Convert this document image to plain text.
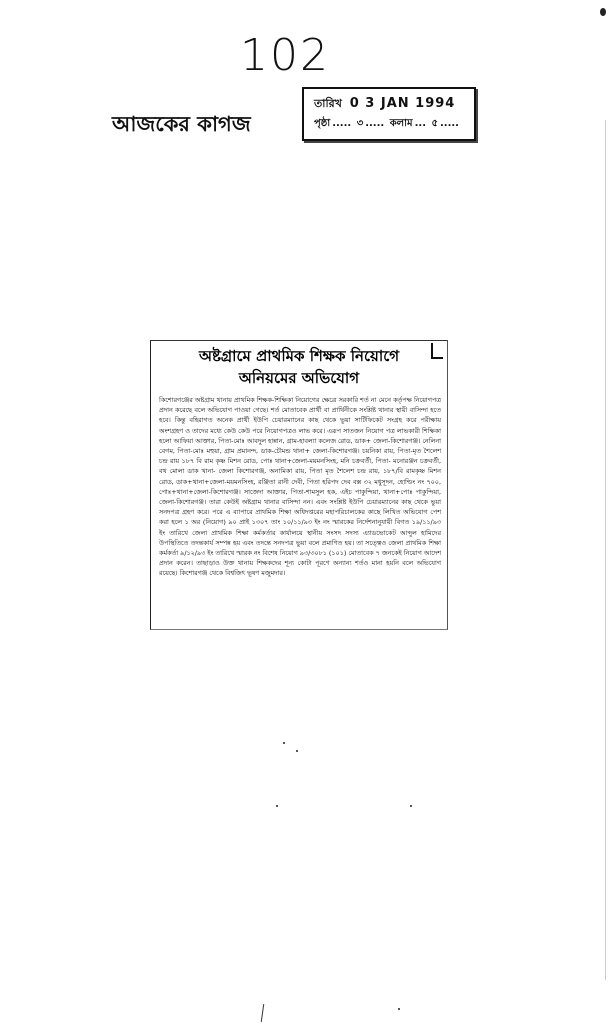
102
আজকের কাগজ
তারিখ 0 3 JAN 1994
পৃষ্ঠা ..... ৩ ..... কলাম ... ৫ .....
অষ্টগ্রামে প্রাথমিক শিক্ষক নিয়োগে
অনিয়মের অভিযোগ
কিশোরগঞ্জের অষ্টগ্রাম থানায় প্রাথমিক শিক্ষক-শিক্ষিকা নিয়োগের ক্ষেত্রে সরকারি শর্ত না মেনে কর্তৃপক্ষ নিয়োগপত্র প্রদান করেছে বলে অভিযোগ পাওয়া গেছে। শর্ত মোতাবেক প্রার্থী বা প্রার্থিনীকে সংশ্লিষ্ট থানার স্থায়ী বাসিন্দা হতে হবে। কিন্তু বহিরাগত অনেক প্রার্থী ইউপি চেয়ারম্যানের কাছ থেকে ভুয়া সার্টিফিকেট সংগ্রহ করে পরীক্ষায় অংশগ্রহণ ও তাদের মধ্যে কেউ কেউ পরে নিয়োগপত্রও লাভ করে। এরূপ সাতজন নিয়োগ পত্র লাভকারী শিক্ষিকা হলো আফিয়া আক্তার, পিতা-মোঃ আবদুল হান্নান, গ্রাম-হাবল্যা কলেজ রোড, ডাক+ জেলা-কিশোরগঞ্জ। নেলিনা বেগম, পিতা-মোঃ মহুয়া, গ্রাম প্রমানন্দ, ডাক-চৌমন্ড থানা+ জেলা-কিশোরগঞ্জ। চয়নিকা রায়, পিতা-মৃত শৈলেশ চন্দ্র রায় ১৮৭ বি রাম কৃষ্ণ মিশন রোড, পোঃ থানা+জেলা-ময়মনসিংহ, মনি চক্রবর্তী, পিতা- মনোরঞ্জন চক্রবর্তী, বথ মোলা ডাক খানা- জেলা কিশোরগঞ্জ, অনামিকা রায়, পিতা মৃত শৈলেশ চন্দ্র রায়, ১৮৭/বি রামকৃষ্ণ মিশন রোড, ডাক+থানা+জেলা-ময়মনসিংহ, রঞ্জিতা রানী দেবী, পিতা হরিপদ দেব বক্স ৩২ মধুসূদন, হোল্ডিং নং ৭০০, পোঃ+থানা+জেলা-কিশোরগঞ্জ। সাজেদা আক্তার, পিতা-শামসুল হক, এইচ পাকুন্দিয়া, থানা+পোঃ পাকুন্দিয়া, জেলা-কিশোরগঞ্জ। তারা কেউই অষ্টগ্রাম থানার বাসিন্দা নন। এবং সংশ্লিষ্ট ইউপি চেয়ারম্যানের কাছ থেকে ভুয়া সনদপত্র গ্রহণ করে। পরে এ ব্যাপারে প্রাথমিক শিক্ষা অধিদপ্তরের মহাপরিচালকের কাছে লিখিত অভিযোগ পেশ করা হলে ১ অর (নিয়োগ) ৯০ প্রাই ১৩০৭ তাং ১০/১১/৯৩ ইং নং স্মারকের নির্দেশনানুযায়ী বিগত ১৯/১১/৯৩ ইং তারিখে জেলা প্রাথমিক শিক্ষা কর্মকর্তার কার্যালয়ে স্থানীয় সংসদ সদস্য এ্যাডভোকেট আব্দুল হামিদের উপস্থিতিতে তদন্তকার্য সম্পন্ন হয় এবং তদন্তে সনদপত্র ভুয়া বলে প্রমাণিত হয়। তা সত্ত্বেও জেলা প্রাথমিক শিক্ষা কর্মকর্তা ৯/১২/৯৩ ইং তারিখে স্মারক নং বিশেষ নিয়োগ ৯৩/৩০৮১ (১০১) মোতাবেক ৭ জনকেই নিয়োগ আদেশ প্রদান করেন। তাছাড়াও উক্ত থানায় শিক্ষকদের শূন্য কোটা পূরণে অন্যান্য শর্তও মানা হয়নি বলে অভিযোগ রয়েছে। কিশোরগঞ্জ থেকে বিশ্বজিৎ ভূষণ মজুমদার।
